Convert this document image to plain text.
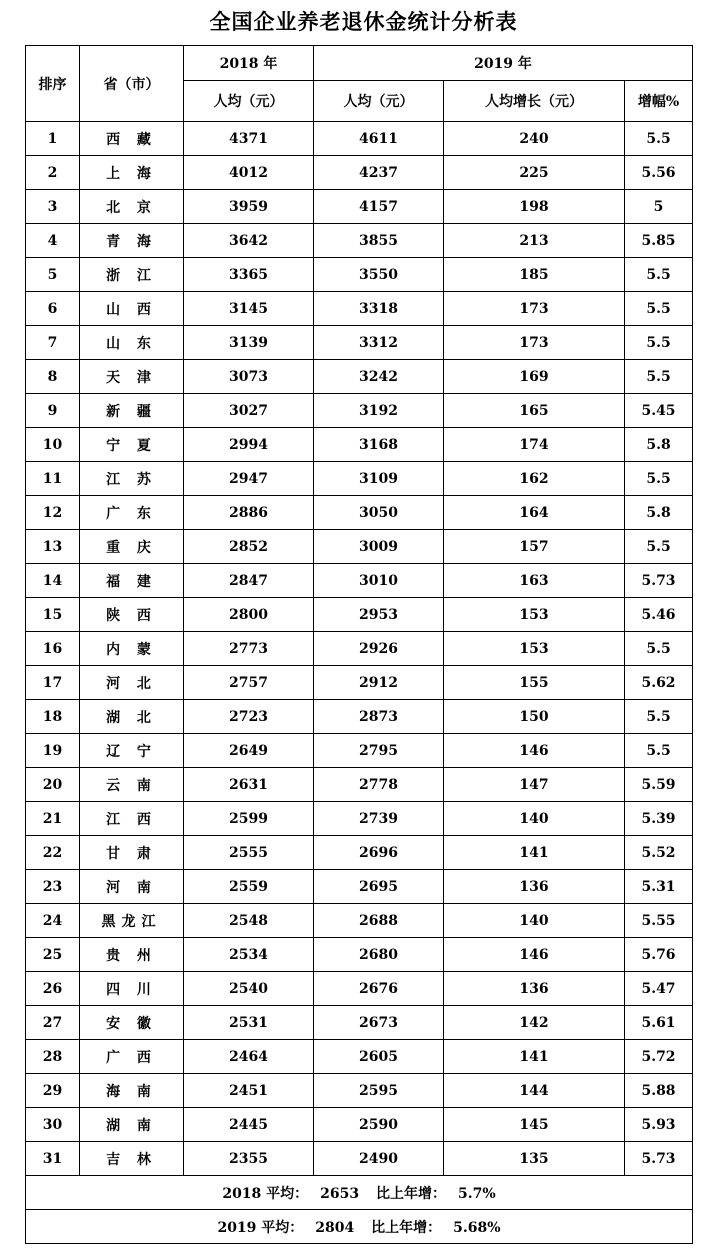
全国企业养老退休金统计分析表
排序	省（市）	2018 年	2019 年		
		人均（元）	人均（元）	人均增长（元）	增幅%
1	西 藏	4371	4611	240	5.5
2	上 海	4012	4237	225	5.56
3	北 京	3959	4157	198	5
4	青 海	3642	3855	213	5.85
5	浙 江	3365	3550	185	5.5
6	山 西	3145	3318	173	5.5
7	山 东	3139	3312	173	5.5
8	天 津	3073	3242	169	5.5
9	新 疆	3027	3192	165	5.45
10	宁 夏	2994	3168	174	5.8
11	江 苏	2947	3109	162	5.5
12	广 东	2886	3050	164	5.8
13	重 庆	2852	3009	157	5.5
14	福 建	2847	3010	163	5.73
15	陕 西	2800	2953	153	5.46
16	内 蒙	2773	2926	153	5.5
17	河 北	2757	2912	155	5.62
18	湖 北	2723	2873	150	5.5
19	辽 宁	2649	2795	146	5.5
20	云 南	2631	2778	147	5.59
21	江 西	2599	2739	140	5.39
22	甘 肃	2555	2696	141	5.52
23	河 南	2559	2695	136	5.31
24	黑龙江	2548	2688	140	5.55
25	贵 州	2534	2680	146	5.76
26	四 川	2540	2676	136	5.47
27	安 徽	2531	2673	142	5.61
28	广 西	2464	2605	141	5.72
29	海 南	2451	2595	144	5.88
30	湖 南	2445	2590	145	5.93
31	吉 林	2355	2490	135	5.73
2018 平均： 2653 比上年增： 5.7%					
2019 平均： 2804 比上年增： 5.68%					
